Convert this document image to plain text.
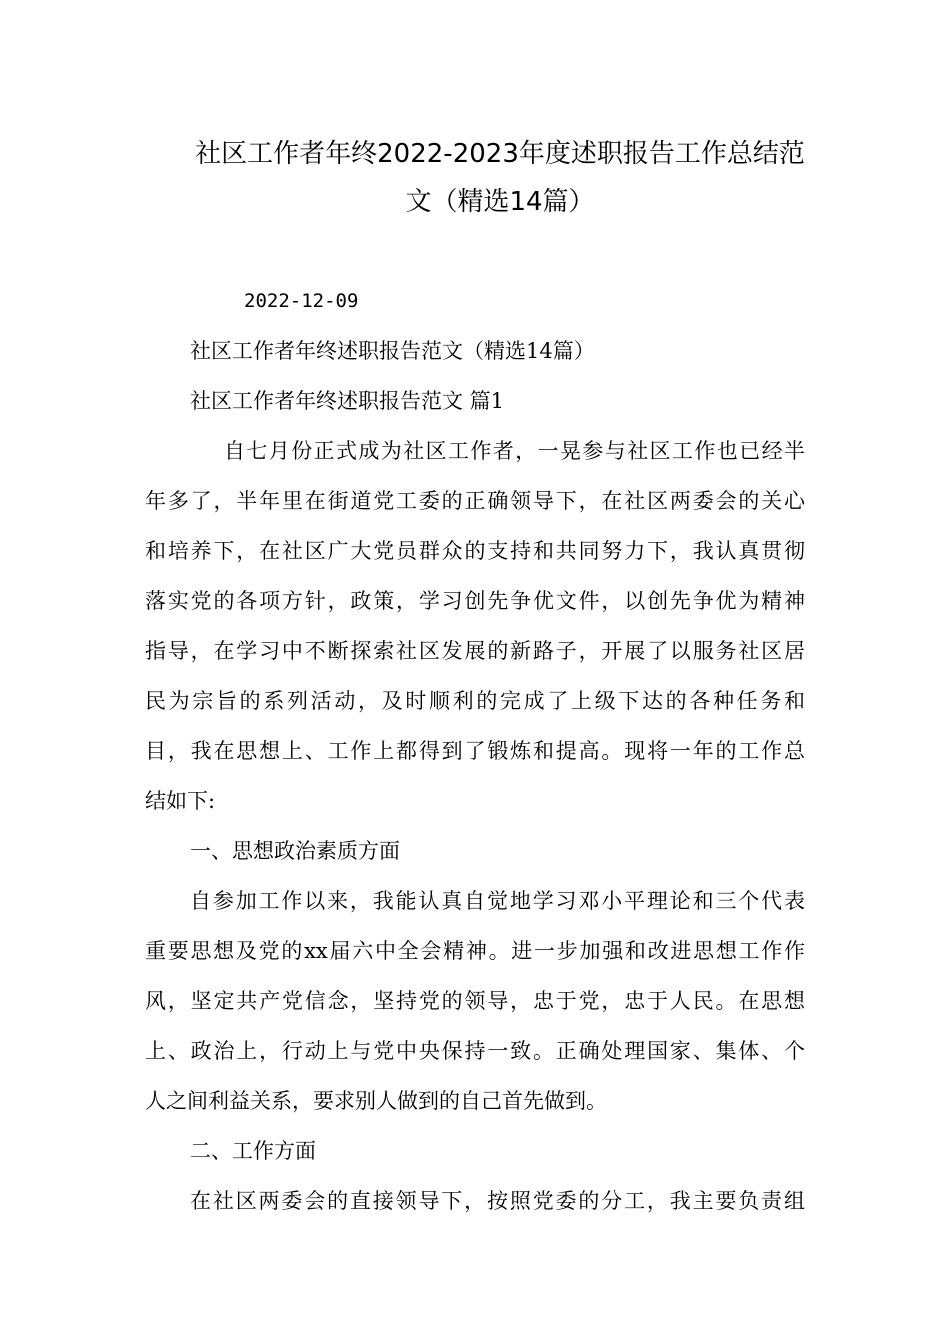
社区工作者年终2022-2023年度述职报告工作总结范
文（精选14篇）
2022-12-09
社区工作者年终述职报告范文（精选14篇）
社区工作者年终述职报告范文 篇1
自七月份正式成为社区工作者，一晃参与社区工作也已经半
年多了，半年里在街道党工委的正确领导下，在社区两委会的关心
和培养下，在社区广大党员群众的支持和共同努力下，我认真贯彻
落实党的各项方针，政策，学习创先争优文件，以创先争优为精神
指导，在学习中不断探索社区发展的新路子，开展了以服务社区居
民为宗旨的系列活动，及时顺利的完成了上级下达的各种任务和
目，我在思想上、工作上都得到了锻炼和提高。现将一年的工作总
结如下:
一、思想政治素质方面
自参加工作以来，我能认真自觉地学习邓小平理论和三个代表
重要思想及党的xx届六中全会精神。进一步加强和改进思想工作作
风，坚定共产党信念，坚持党的领导，忠于党，忠于人民。在思想
上、政治上，行动上与党中央保持一致。正确处理国家、集体、个
人之间利益关系，要求别人做到的自己首先做到。
二、工作方面
在社区两委会的直接领导下，按照党委的分工，我主要负责组
